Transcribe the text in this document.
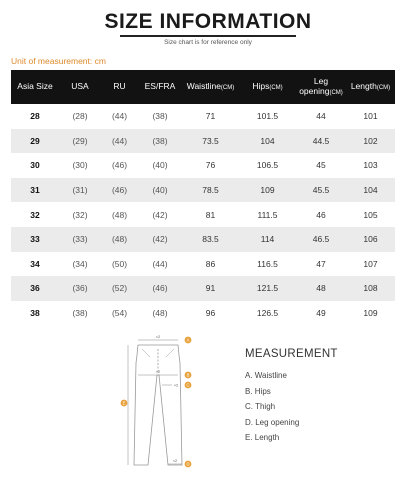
SIZE INFORMATION
Size chart is for reference only
Unit of measurement: cm
Asia Size	USA	RU	ES/FRA	Waistline(CM)	Hips(CM)	Leg
opening(CM)	Length(CM)
28	(28)	(44)	(38)	71	101.5	44	101
29	(29)	(44)	(38)	73.5	104	44.5	102
30	(30)	(46)	(40)	76	106.5	45	103
31	(31)	(46)	(40)	78.5	109	45.5	104
32	(32)	(48)	(42)	81	111.5	46	105
33	(33)	(48)	(42)	83.5	114	46.5	106
34	(34)	(50)	(44)	86	116.5	47	107
36	(36)	(52)	(46)	91	121.5	48	108
38	(38)	(54)	(48)	96	126.5	49	109
A
B
C
D
E
×2
×2
×2
×2
MEASUREMENT
A. Waistline
B. Hips
C. Thigh
D. Leg opening
E. Length
